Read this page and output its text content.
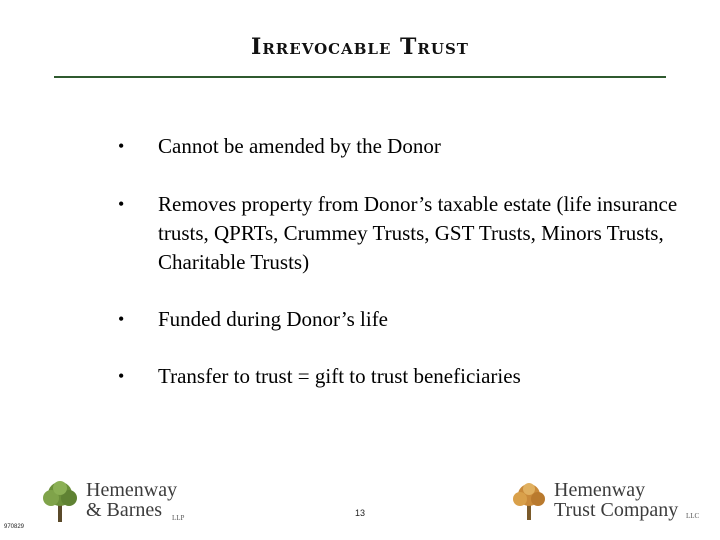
Irrevocable Trust
• Cannot be amended by the Donor
• Removes property from Donor’s taxable estate (life insurance trusts, QPRTs, Crummey Trusts, GST Trusts, Minors Trusts, Charitable Trusts)
• Funded during Donor’s life
• Transfer to trust = gift to trust beneficiaries
Hemenway
& Barnes LLP	13
970829
Hemenway
Trust Company LLC
